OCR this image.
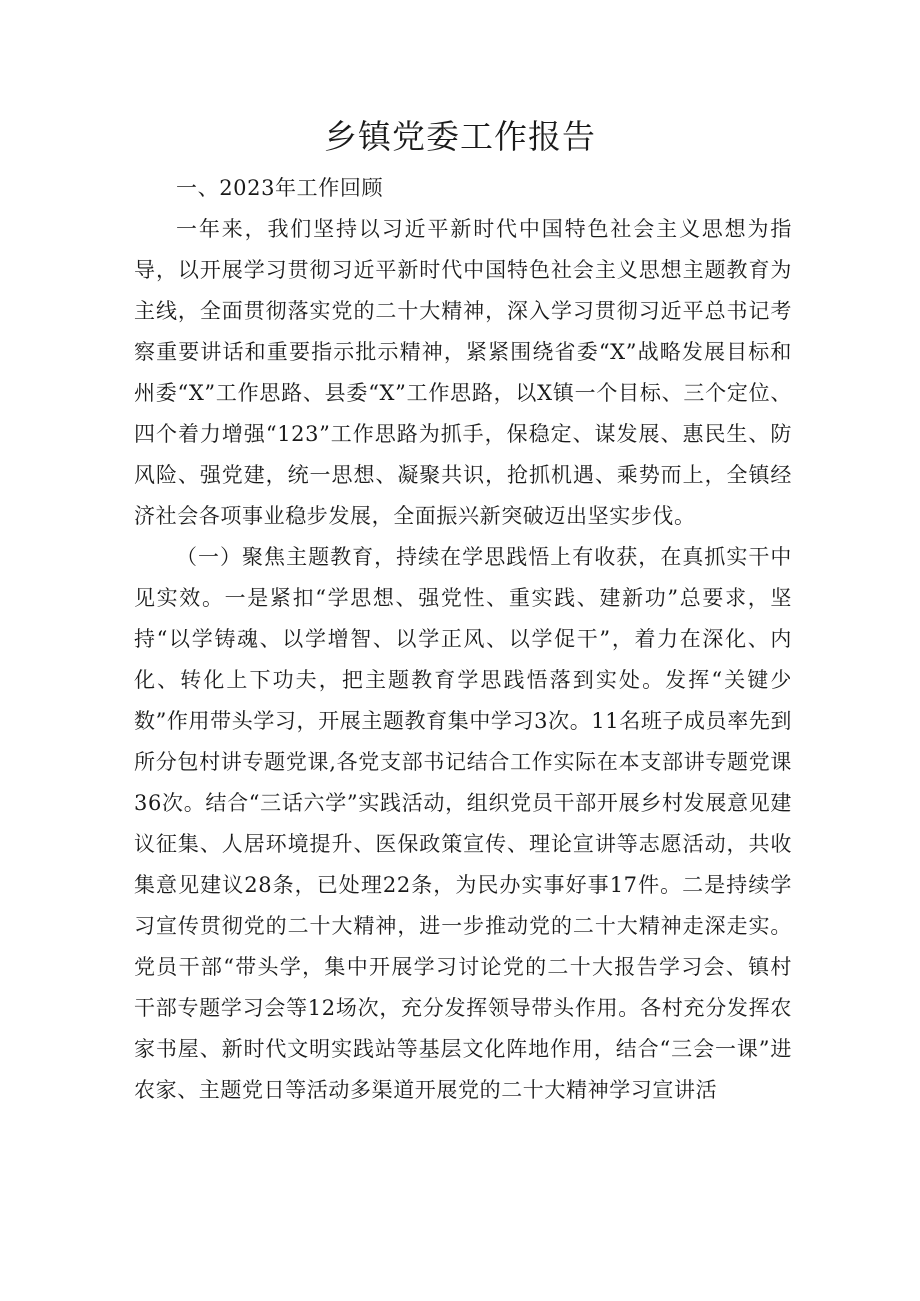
乡镇党委工作报告
一、2023年工作回顾

一年来，我们坚持以习近平新时代中国特色社会主义思想为指导，以开展学习贯彻习近平新时代中国特色社会主义思想主题教育为主线，全面贯彻落实党的二十大精神，深入学习贯彻习近平总书记考察重要讲话和重要指示批示精神，紧紧围绕省委“X”战略发展目标和州委“X”工作思路、县委“X”工作思路，以X镇一个目标、三个定位、四个着力增强“123”工作思路为抓手，保稳定、谋发展、惠民生、防风险、强党建，统一思想、凝聚共识，抢抓机遇、乘势而上，全镇经济社会各项事业稳步发展，全面振兴新突破迈出坚实步伐。

（一）聚焦主题教育，持续在学思践悟上有收获，在真抓实干中见实效。一是紧扣“学思想、强党性、重实践、建新功”总要求，坚持“以学铸魂、以学增智、以学正风、以学促干”，着力在深化、内化、转化上下功夫，把主题教育学思践悟落到实处。发挥“关键少数”作用带头学习，开展主题教育集中学习3次。11名班子成员率先到所分包村讲专题党课,各党支部书记结合工作实际在本支部讲专题党课36次。结合“三话六学”实践活动，组织党员干部开展乡村发展意见建议征集、人居环境提升、医保政策宣传、理论宣讲等志愿活动，共收集意见建议28条，已处理22条，为民办实事好事17件。二是持续学习宣传贯彻党的二十大精神，进一步推动党的二十大精神走深走实。党员干部“带头学，集中开展学习讨论党的二十大报告学习会、镇村干部专题学习会等12场次，充分发挥领导带头作用。各村充分发挥农家书屋、新时代文明实践站等基层文化阵地作用，结合“三会一课”进农家、主题党日等活动多渠道开展党的二十大精神学习宣讲活
